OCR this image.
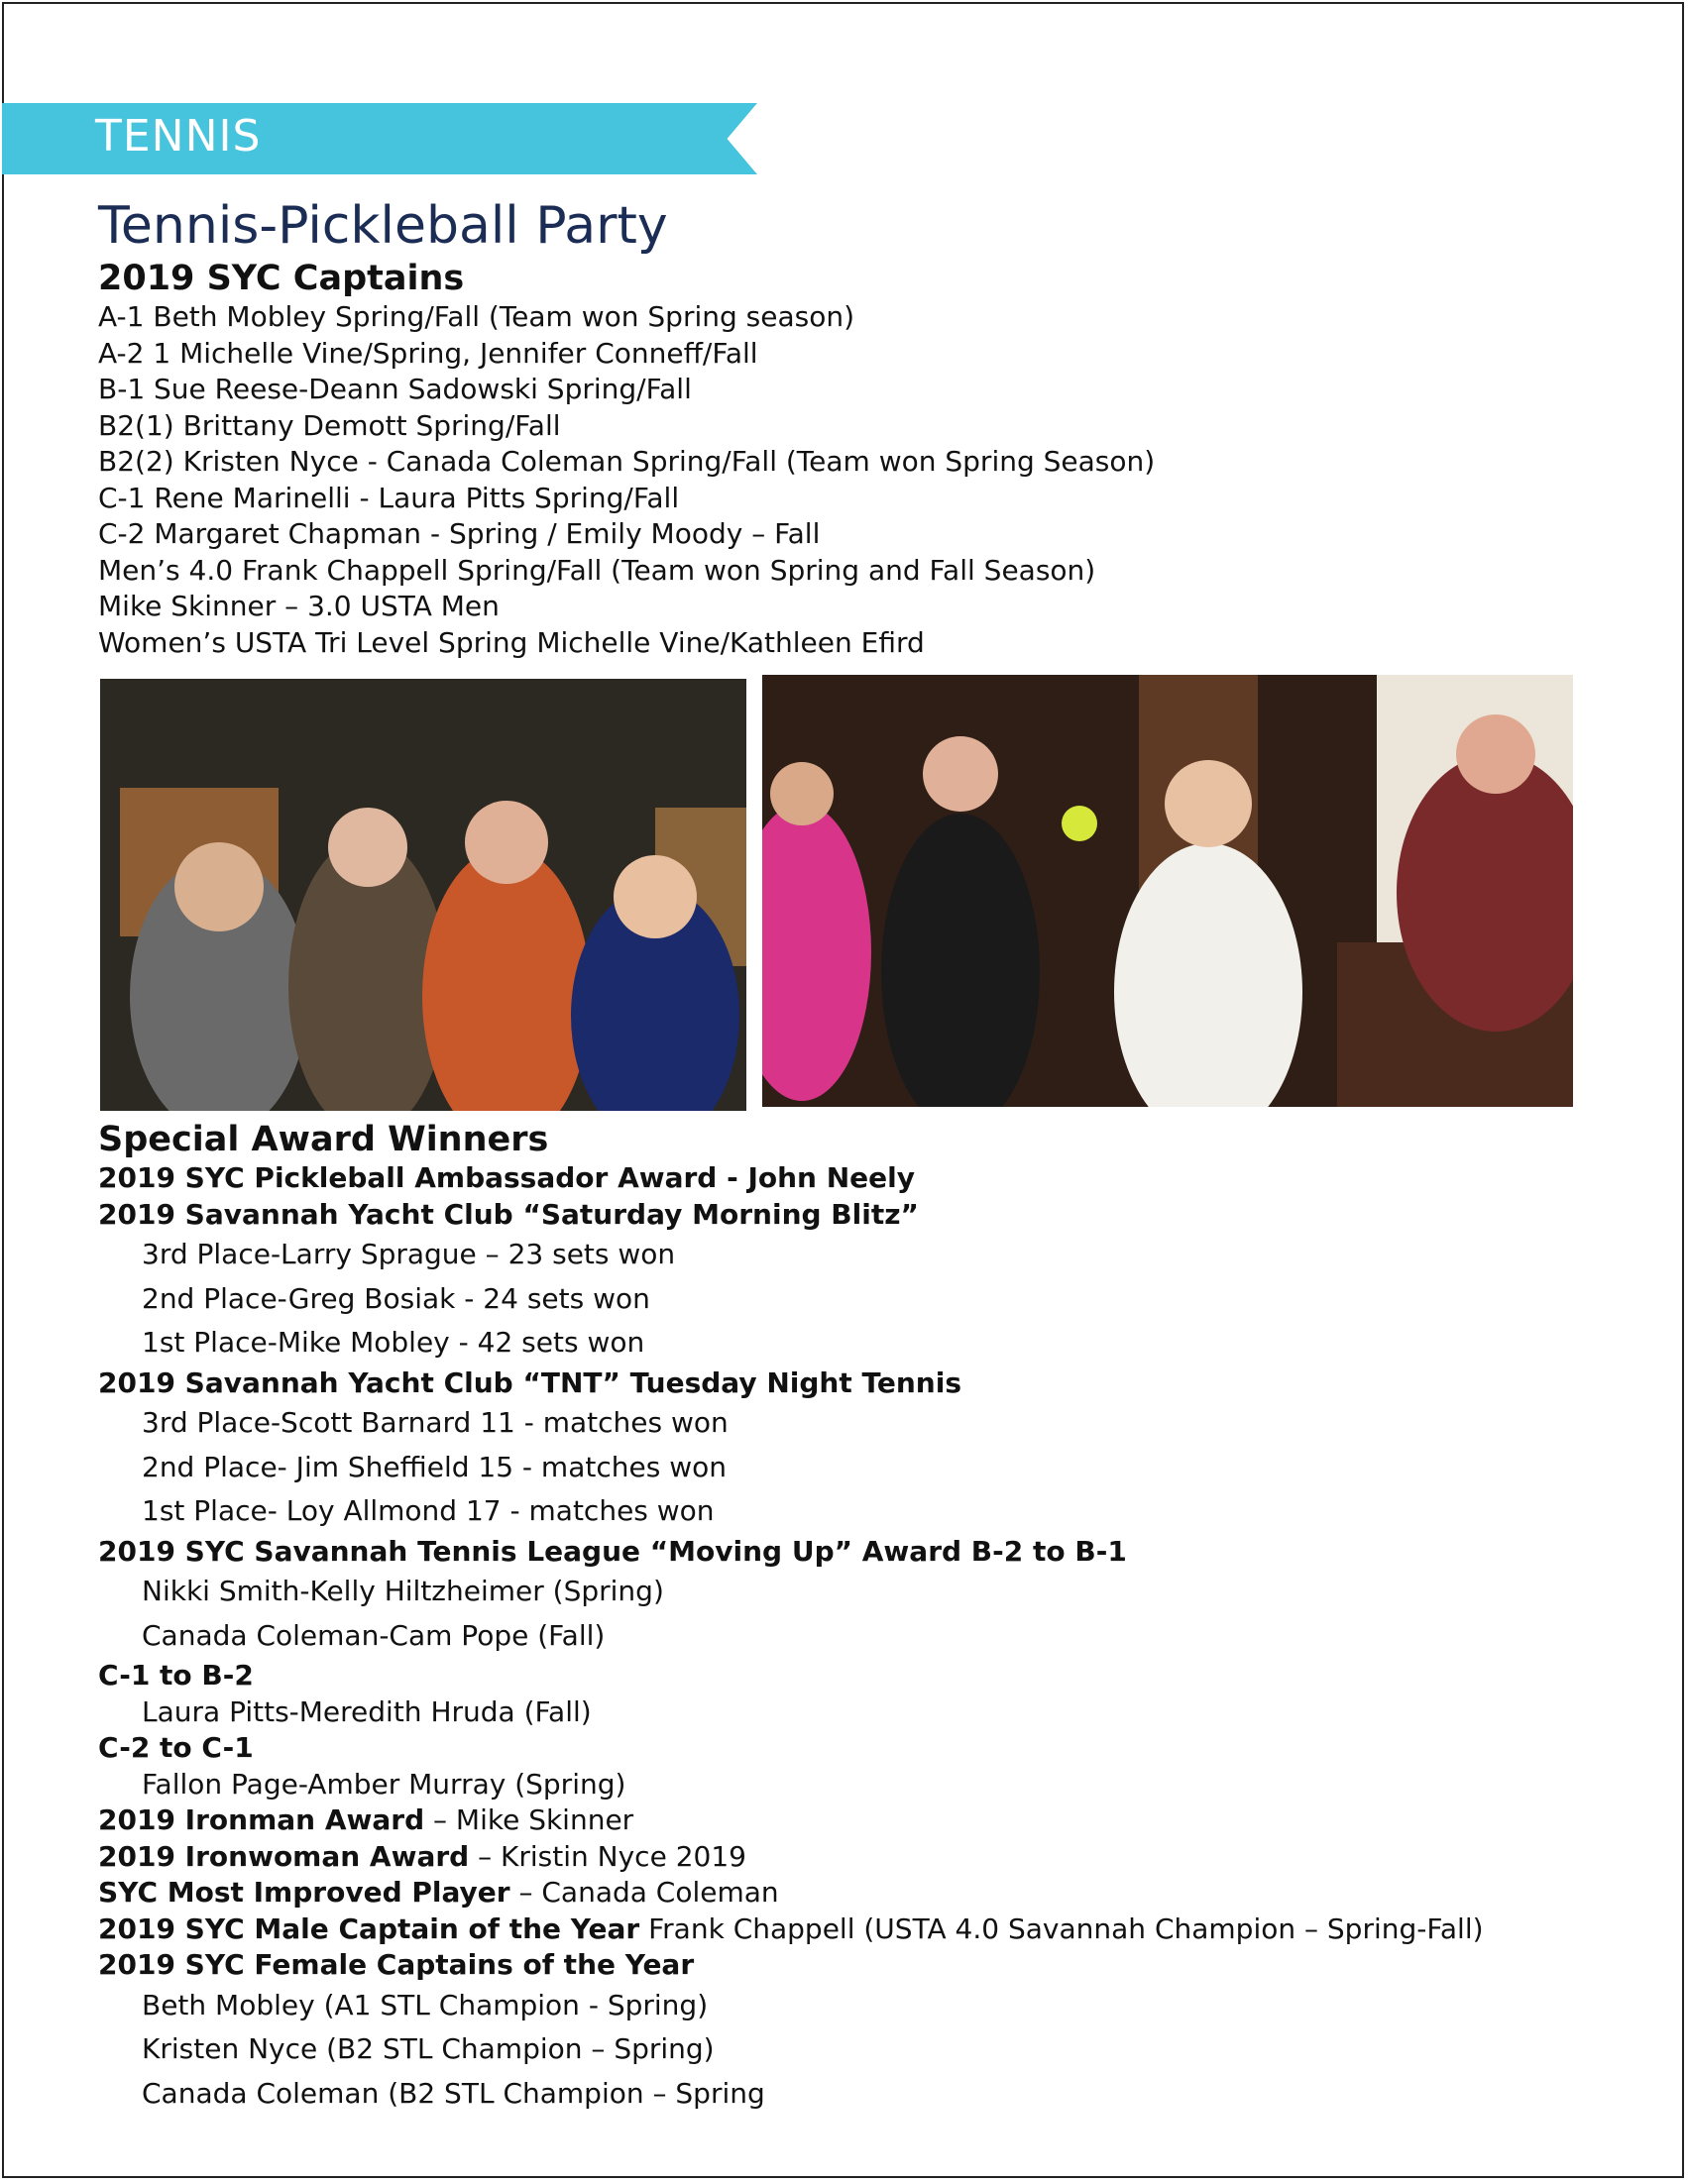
TENNIS
Tennis-Pickleball Party
2019 SYC Captains
A-1 Beth Mobley Spring/Fall (Team won Spring season)
A-2 1 Michelle Vine/Spring, Jennifer Conneff/Fall
B-1 Sue Reese-Deann Sadowski Spring/Fall
B2(1) Brittany Demott Spring/Fall
B2(2) Kristen Nyce - Canada Coleman Spring/Fall (Team won Spring Season)
C-1 Rene Marinelli - Laura Pitts Spring/Fall
C-2 Margaret Chapman - Spring / Emily Moody – Fall
Men’s 4.0 Frank Chappell Spring/Fall (Team won Spring and Fall Season)
Mike Skinner – 3.0 USTA Men
Women’s USTA Tri Level Spring Michelle Vine/Kathleen Efird
Special Award Winners
2019 SYC Pickleball Ambassador Award - John Neely
2019 Savannah Yacht Club “Saturday Morning Blitz”
3rd Place-Larry Sprague – 23 sets won
2nd Place-Greg Bosiak - 24 sets won
1st Place-Mike Mobley - 42 sets won
2019 Savannah Yacht Club “TNT” Tuesday Night Tennis
3rd Place-Scott Barnard 11 - matches won
2nd Place- Jim Sheffield 15 - matches won
1st Place- Loy Allmond 17 - matches won
2019 SYC Savannah Tennis League “Moving Up” Award B-2 to B-1
Nikki Smith-Kelly Hiltzheimer (Spring)
Canada Coleman-Cam Pope (Fall)
C-1 to B-2
Laura Pitts-Meredith Hruda (Fall)
C-2 to C-1
Fallon Page-Amber Murray (Spring)
2019 Ironman Award – Mike Skinner
2019 Ironwoman Award – Kristin Nyce 2019
SYC Most Improved Player – Canada Coleman
2019 SYC Male Captain of the Year Frank Chappell (USTA 4.0 Savannah Champion – Spring-Fall)
2019 SYC Female Captains of the Year
Beth Mobley (A1 STL Champion - Spring)
Kristen Nyce (B2 STL Champion – Spring)
Canada Coleman (B2 STL Champion – Spring
